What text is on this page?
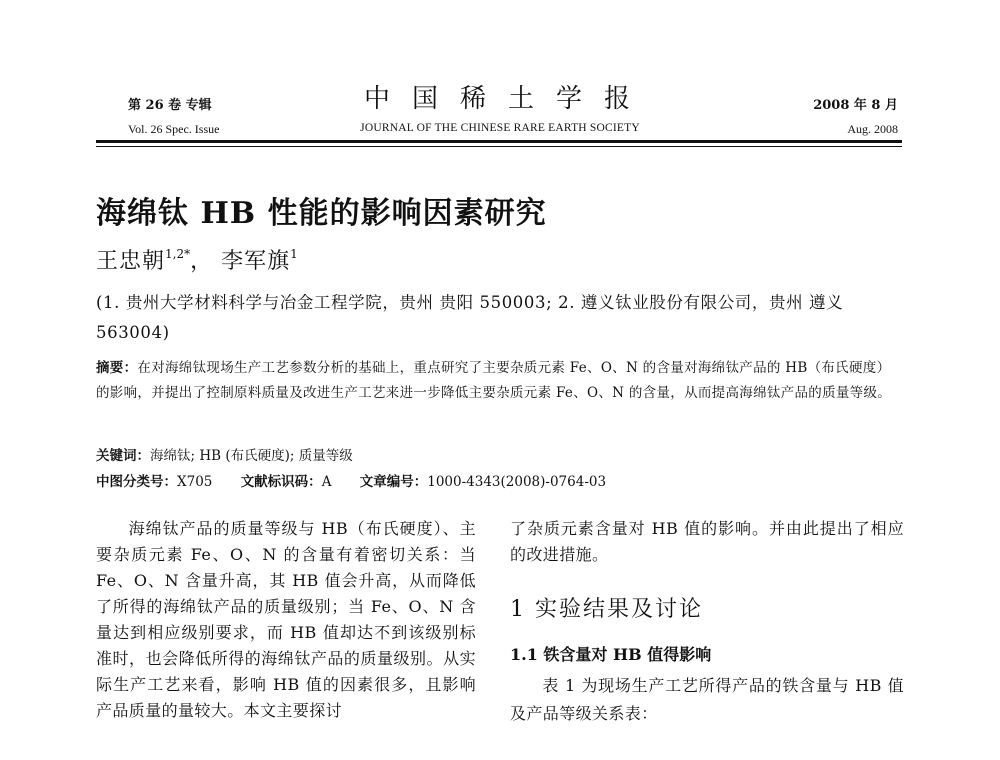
第 26 卷 专辑
Vol. 26 Spec. Issue
中国稀土学报
JOURNAL OF THE CHINESE RARE EARTH SOCIETY
2008 年 8 月
Aug. 2008
海绵钛 HB 性能的影响因素研究
王忠朝$^{1,2*}$， 李军旗$^1$
(1. 贵州大学材料科学与冶金工程学院，贵州 贵阳 550003; 2. 遵义钛业股份有限公司，贵州 遵义 563004)
摘要：在对海绵钛现场生产工艺参数分析的基础上，重点研究了主要杂质元素 Fe、O、N 的含量对海绵钛产品的 HB（布氏硬度）的影响，并提出了控制原料质量及改进生产工艺来进一步降低主要杂质元素 Fe、O、N 的含量，从而提高海绵钛产品的质量等级。
关键词：海绵钛; HB (布氏硬度); 质量等级
中图分类号：X705 文献标识码：A 文章编号：1000-4343(2008)-0764-03
海绵钛产品的质量等级与 HB（布氏硬度）、主要杂质元素 Fe、O、N 的含量有着密切关系：当 Fe、O、N 含量升高，其 HB 值会升高，从而降低了所得的海绵钛产品的质量级别；当 Fe、O、N 含量达到相应级别要求，而 HB 值却达不到该级别标准时，也会降低所得的海绵钛产品的质量级别。从实际生产工艺来看，影响 HB 值的因素很多，且影响产品质量的量较大。本文主要探讨
了杂质元素含量对 HB 值的影响。并由此提出了相应的改进措施。
1 实验结果及讨论
1.1 铁含量对 HB 值得影响
表 1 为现场生产工艺所得产品的铁含量与 HB 值及产品等级关系表：
